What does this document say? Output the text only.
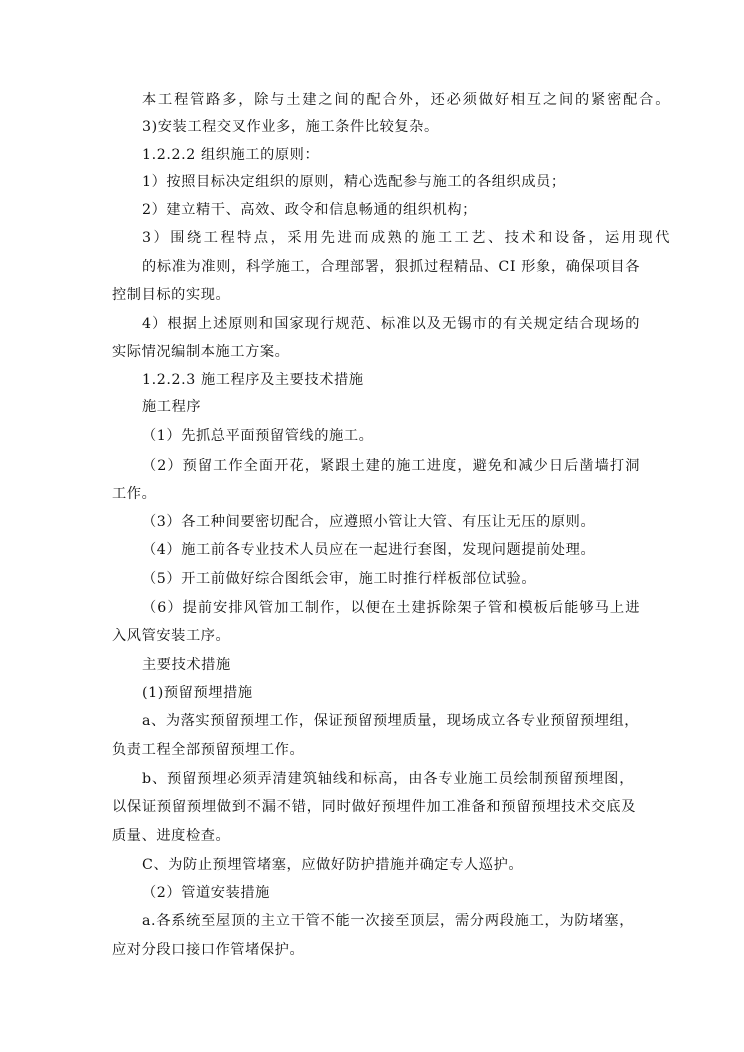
本工程管路多，除与土建之间的配合外，还必须做好相互之间的紧密配合。
3)安装工程交叉作业多，施工条件比较复杂。
1.2.2.2 组织施工的原则：
1）按照目标决定组织的原则，精心选配参与施工的各组织成员；
2）建立精干、高效、政令和信息畅通的组织机构；
3）围绕工程特点，采用先进而成熟的施工工艺、技术和设备，运用现代
的标准为准则，科学施工，合理部署，狠抓过程精品、CI 形象，确保项目各
控制目标的实现。
4）根据上述原则和国家现行规范、标准以及无锡市的有关规定结合现场的
实际情况编制本施工方案。
1.2.2.3 施工程序及主要技术措施
施工程序
（1）先抓总平面预留管线的施工。
（2）预留工作全面开花，紧跟土建的施工进度，避免和减少日后凿墙打洞
工作。
（3）各工种间要密切配合，应遵照小管让大管、有压让无压的原则。
（4）施工前各专业技术人员应在一起进行套图，发现问题提前处理。
（5）开工前做好综合图纸会审，施工时推行样板部位试验。
（6）提前安排风管加工制作，以便在土建拆除架子管和模板后能够马上进
入风管安装工序。
主要技术措施
(1)预留预埋措施
a、为落实预留预埋工作，保证预留预埋质量，现场成立各专业预留预埋组，
负责工程全部预留预埋工作。
b、预留预埋必须弄清建筑轴线和标高，由各专业施工员绘制预留预埋图，
以保证预留预埋做到不漏不错，同时做好预埋件加工准备和预留预埋技术交底及
质量、进度检查。
C、为防止预埋管堵塞，应做好防护措施并确定专人巡护。
（2）管道安装措施
a.各系统至屋顶的主立干管不能一次接至顶层，需分两段施工，为防堵塞，
应对分段口接口作管堵保护。
